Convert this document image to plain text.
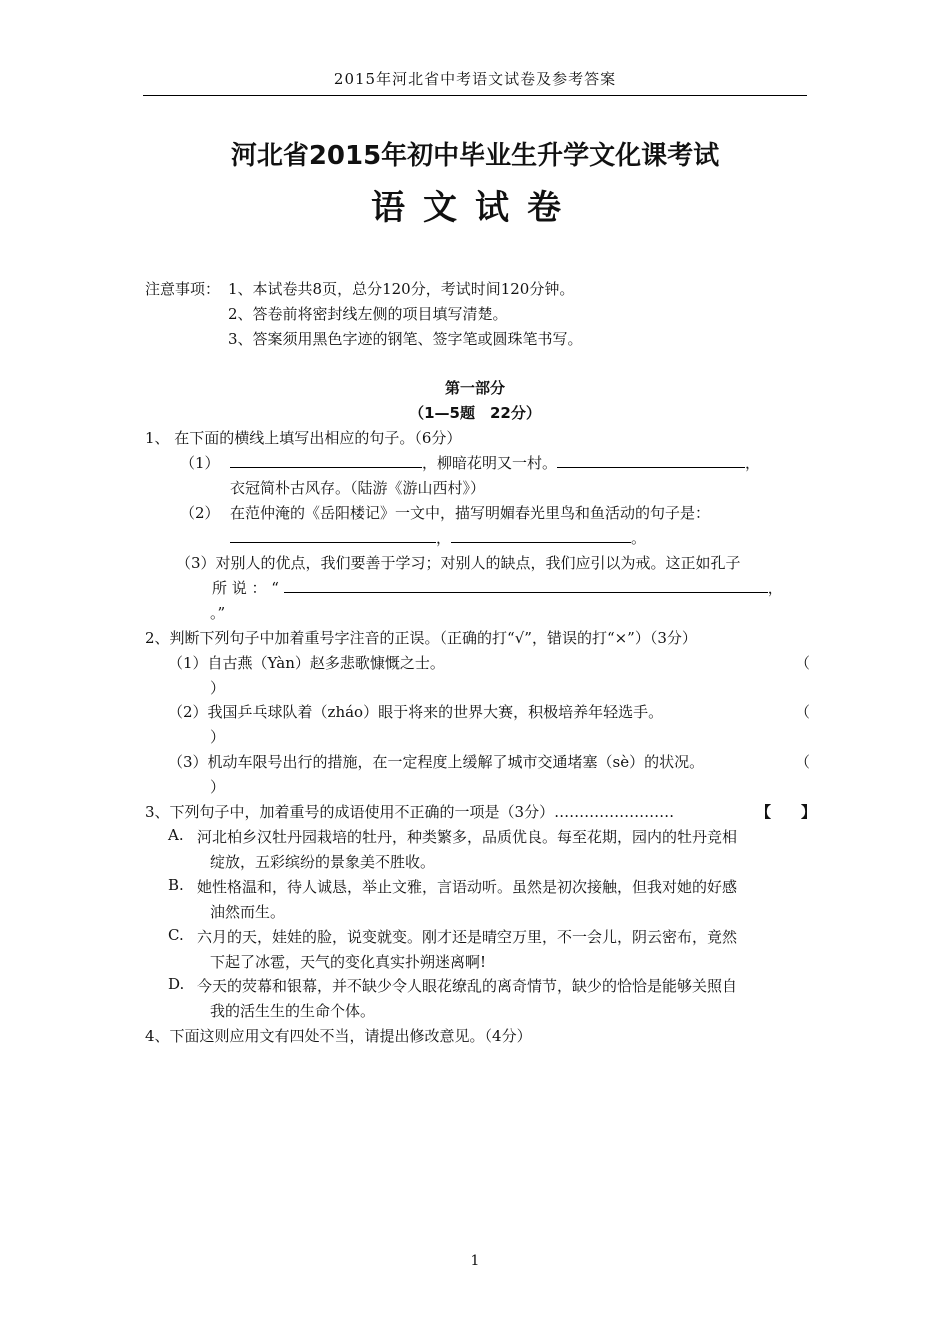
2015年河北省中考语文试卷及参考答案
河北省2015年初中毕业生升学文化课考试
语文试卷
注意事项： 1、本试卷共8页，总分120分，考试时间120分钟。
2、答卷前将密封线左侧的项目填写清楚。
3、答案须用黑色字迹的钢笔、签字笔或圆珠笔书写。
第一部分
（1—5题　22分）
1、 在下面的横线上填写出相应的句子。（6分）
（1）	，柳暗花明又一村。	，
衣冠简朴古风存。（陆游《游山西村》）
（2） 在范仲淹的《岳阳楼记》一文中，描写明媚春光里鸟和鱼活动的句子是：
，	。
（3）对别人的优点，我们要善于学习；对别人的缺点，我们应引以为戒。这正如孔子
所 说 ： “	，
。”
2、判断下列句子中加着重号字注音的正误。（正确的打“√”，错误的打“×”）（3分）
（1）自古燕（Yàn）赵多悲歌慷慨之士。	（
）
（2）我国乒乓球队着（zháo）眼于将来的世界大赛，积极培养年轻选手。	（
）
（3）机动车限号出行的措施，在一定程度上缓解了城市交通堵塞（sè）的状况。	（
）
3、下列句子中，加着重号的成语使用不正确的一项是（3分）……………………	【　　】
A. 河北柏乡汉牡丹园栽培的牡丹，种类繁多，品质优良。每至花期，园内的牡丹竞相
绽放，五彩缤纷的景象美不胜收。
B. 她性格温和，待人诚恳，举止文雅，言语动听。虽然是初次接触，但我对她的好感
油然而生。
C. 六月的天，娃娃的脸，说变就变。刚才还是晴空万里，不一会儿，阴云密布，竟然
下起了冰雹，天气的变化真实扑朔迷离啊!
D. 今天的荧幕和银幕，并不缺少令人眼花缭乱的离奇情节，缺少的恰恰是能够关照自
我的活生生的生命个体。
4、下面这则应用文有四处不当，请提出修改意见。（4分）
1
